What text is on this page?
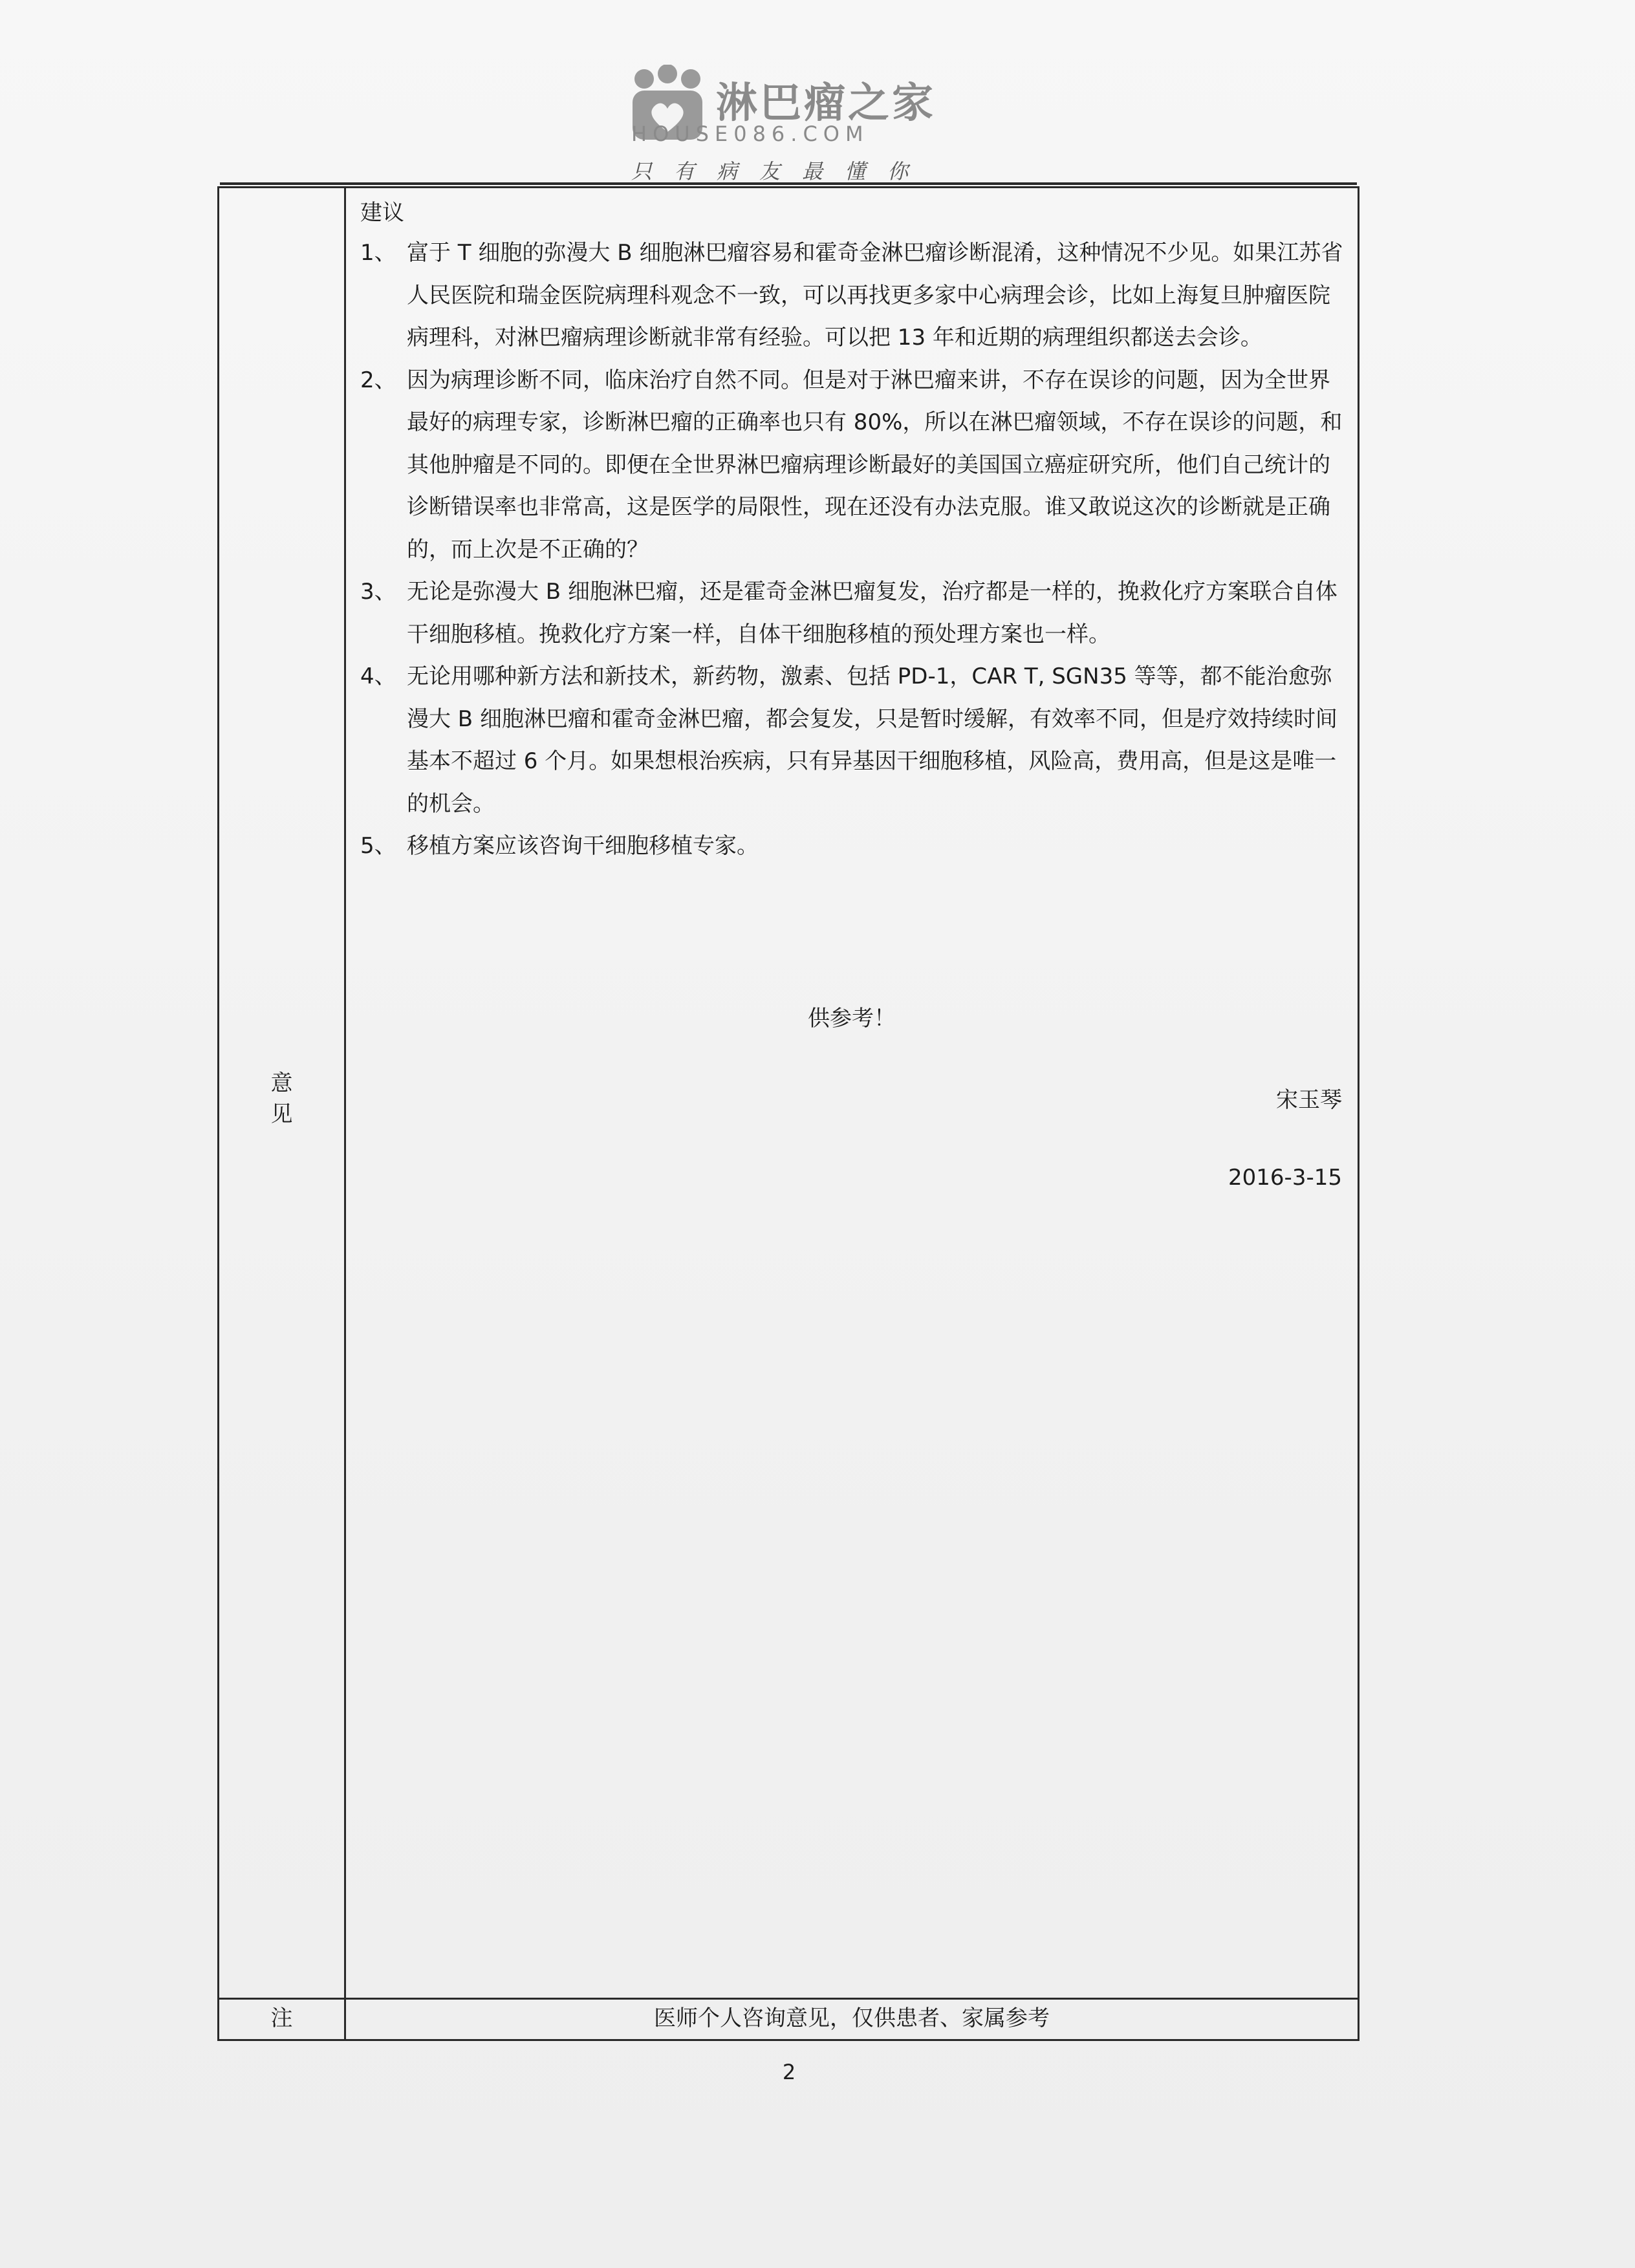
淋巴瘤之家
HOUSE086.COM
只有病友最懂你
意见
建议
1、 富于 T 细胞的弥漫大 B 细胞淋巴瘤容易和霍奇金淋巴瘤诊断混淆，这种情况不少见。如果江苏省人民医院和瑞金医院病理科观念不一致，可以再找更多家中心病理会诊，比如上海复旦肿瘤医院病理科，对淋巴瘤病理诊断就非常有经验。可以把 13 年和近期的病理组织都送去会诊。
2、 因为病理诊断不同，临床治疗自然不同。但是对于淋巴瘤来讲，不存在误诊的问题，因为全世界最好的病理专家，诊断淋巴瘤的正确率也只有 80%，所以在淋巴瘤领域，不存在误诊的问题，和其他肿瘤是不同的。即便在全世界淋巴瘤病理诊断最好的美国国立癌症研究所，他们自己统计的诊断错误率也非常高，这是医学的局限性，现在还没有办法克服。谁又敢说这次的诊断就是正确的，而上次是不正确的？
3、 无论是弥漫大 B 细胞淋巴瘤，还是霍奇金淋巴瘤复发，治疗都是一样的，挽救化疗方案联合自体干细胞移植。挽救化疗方案一样，自体干细胞移植的预处理方案也一样。
4、 无论用哪种新方法和新技术，新药物，激素、包括 PD-1，CAR T, SGN35 等等，都不能治愈弥漫大 B 细胞淋巴瘤和霍奇金淋巴瘤，都会复发，只是暂时缓解，有效率不同，但是疗效持续时间基本不超过 6 个月。如果想根治疾病，只有异基因干细胞移植，风险高，费用高，但是这是唯一的机会。
5、 移植方案应该咨询干细胞移植专家。
供参考！
宋玉琴
2016-3-15
注	医师个人咨询意见，仅供患者、家属参考
2
